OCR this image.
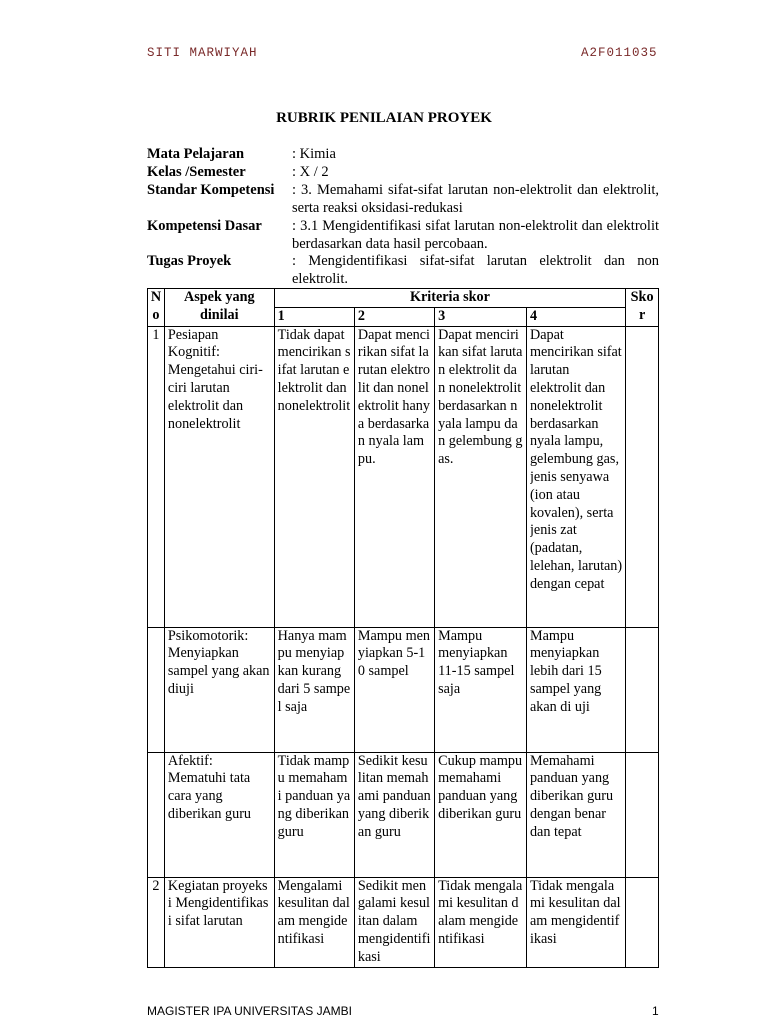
SITI MARWIYAH	A2F011035
RUBRIK PENILAIAN PROYEK
Mata Pelajaran	: Kimia
Kelas /Semester	: X / 2
Standar Kompetensi : 3. Memahami sifat-sifat larutan non-elektrolit dan elektrolit, serta reaksi oksidasi-redukasi
Kompetensi Dasar : 3.1 Mengidentifikasi sifat larutan non-elektrolit dan elektrolit berdasarkan data hasil percobaan.
Tugas Proyek	: Mengidentifikasi sifat-sifat larutan elektrolit dan non elektrolit.
No	Aspek yang dinilai	Kriteria skor				Skor
		1	2	3	4	
1	Pesiapan Kognitif: Mengetahui ciri-ciri larutan elektrolit dan nonelektrolit	Tidak dapat mencirikan sifat larutan elektrolit dan nonelektrolit	Dapat mencirikan sifat larutan elektrolit dan nonelektrolit hanya berdasarkan nyala lampu.	Dapat mencirikan sifat larutan elektrolit dan nonelektrolit berdasarkan nyala lampu dan gelembung gas.	Dapat mencirikan sifat larutan elektrolit dan nonelektrolit berdasarkan nyala lampu, gelembung gas, jenis senyawa (ion atau kovalen), serta jenis zat (padatan, lelehan, larutan) dengan cepat	

	Psikomotorik: Menyiapkan sampel yang akan diuji	Hanya mampu menyiapkan kurang dari 5 sampel saja	Mampu menyiapkan 5-10 sampel	Mampu menyiapkan 11-15 sampel saja	Mampu menyiapkan lebih dari 15 sampel yang akan di uji	
	Afektif: Mematuhi tata cara yang diberikan guru	Tidak mampu memahami panduan yang diberikan guru	Sedikit kesulitan memahami panduan yang diberikan guru	Cukup mampu memahami panduan yang diberikan guru	Memahami panduan yang diberikan guru dengan benar dan tepat	
2	Kegiatan proyeksi Mengidentifikasi sifat larutan	Mengalami kesulitan dalam mengidentifikasi	Sedikit mengalami kesulitan dalam mengidentifikasi	Tidak mengalami kesulitan dalam mengidentifikasi	Tidak mengalami kesulitan dalam mengidentifikasi	

MAGISTER IPA UNIVERSITAS JAMBI	1
